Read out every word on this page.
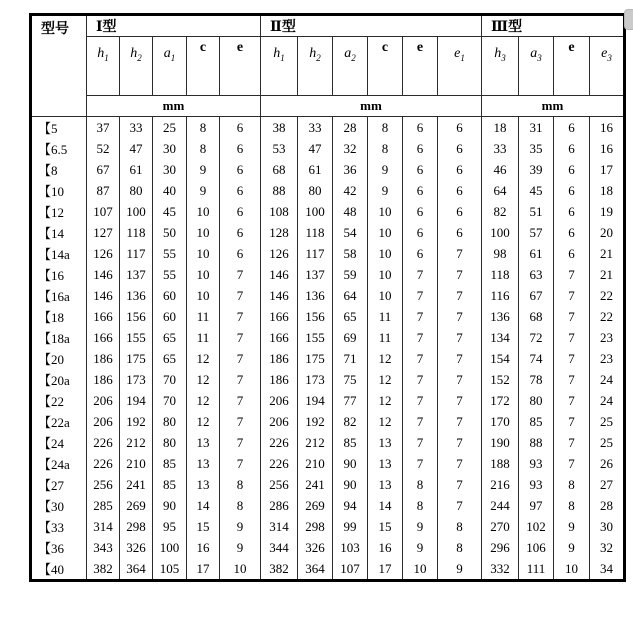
型号	Ⅰ型					Ⅱ型						Ⅲ型			
	$h_1$	$h_2$	$a_1$	c	e	$h_1$	$h_2$	$a_2$	c	e	$e_1$	$h_3$	$a_3$	e	$e_3$
	mm					mm						mm			
【5	37	33	25	8	6	38	33	28	8	6	6	18	31	6	16
【6.5	52	47	30	8	6	53	47	32	8	6	6	33	35	6	16
【8	67	61	30	9	6	68	61	36	9	6	6	46	39	6	17
【10	87	80	40	9	6	88	80	42	9	6	6	64	45	6	18
【12	107	100	45	10	6	108	100	48	10	6	6	82	51	6	19
【14	127	118	50	10	6	128	118	54	10	6	6	100	57	6	20
【14a	126	117	55	10	6	126	117	58	10	6	7	98	61	6	21
【16	146	137	55	10	7	146	137	59	10	7	7	118	63	7	21
【16a	146	136	60	10	7	146	136	64	10	7	7	116	67	7	22
【18	166	156	60	11	7	166	156	65	11	7	7	136	68	7	22
【18a	166	155	65	11	7	166	155	69	11	7	7	134	72	7	23
【20	186	175	65	12	7	186	175	71	12	7	7	154	74	7	23
【20a	186	173	70	12	7	186	173	75	12	7	7	152	78	7	24
【22	206	194	70	12	7	206	194	77	12	7	7	172	80	7	24
【22a	206	192	80	12	7	206	192	82	12	7	7	170	85	7	25
【24	226	212	80	13	7	226	212	85	13	7	7	190	88	7	25
【24a	226	210	85	13	7	226	210	90	13	7	7	188	93	7	26
【27	256	241	85	13	8	256	241	90	13	8	7	216	93	8	27
【30	285	269	90	14	8	286	269	94	14	8	7	244	97	8	28
【33	314	298	95	15	9	314	298	99	15	9	8	270	102	9	30
【36	343	326	100	16	9	344	326	103	16	9	8	296	106	9	32
【40	382	364	105	17	10	382	364	107	17	10	9	332	111	10	34
